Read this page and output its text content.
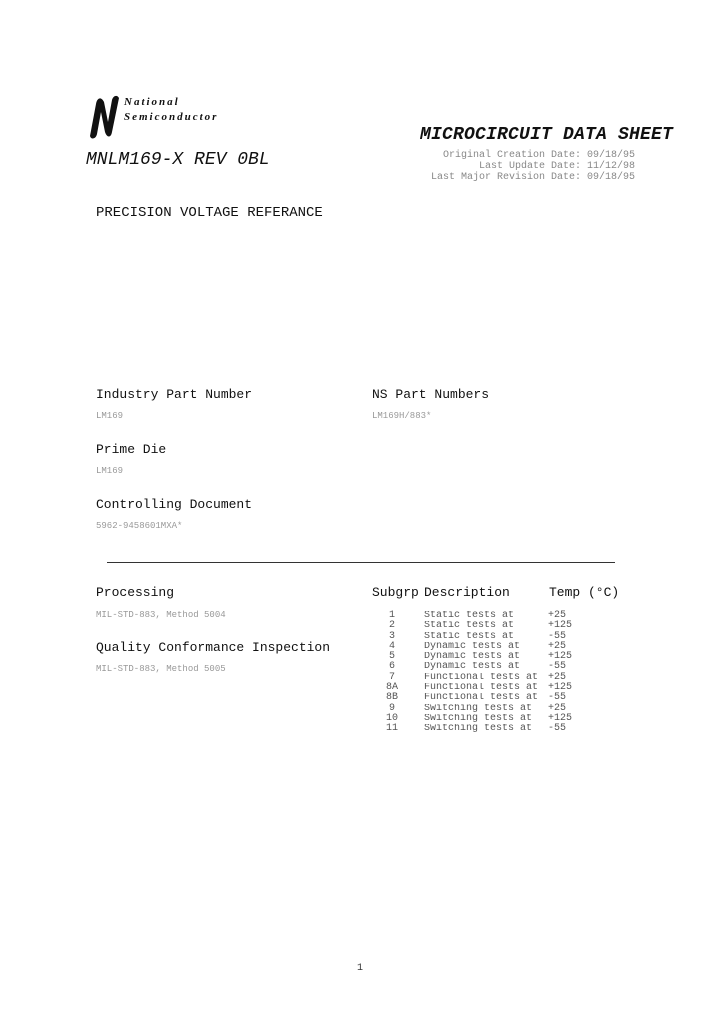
National
Semiconductor
MICROCIRCUIT DATA SHEET
MNLM169-X REV 0BL	Original Creation Date: 09/18/95
Last Update Date: 11/12/98
Last Major Revision Date: 09/18/95
PRECISION VOLTAGE REFERANCE
Industry Part Number
LM169
NS Part Numbers
LM169H/883*
Prime Die
LM169
Controlling Document
5962-9458601MXA*
Processing
MIL-STD-883, Method 5004
Quality Conformance Inspection
MIL-STD-883, Method 5005
Subgrp Description	Temp (°C)
1	Static tests at	+25
2	Static tests at	+125
3	Static tests at	-55
4	Dynamic tests at	+25
5	Dynamic tests at	+125
6	Dynamic tests at	-55
7	Functional tests at +25
8A	Functional tests at +125
8B	Functional tests at -55
9	Switching tests at	+25
10	Switching tests at	+125
11	Switching tests at	-55
1
